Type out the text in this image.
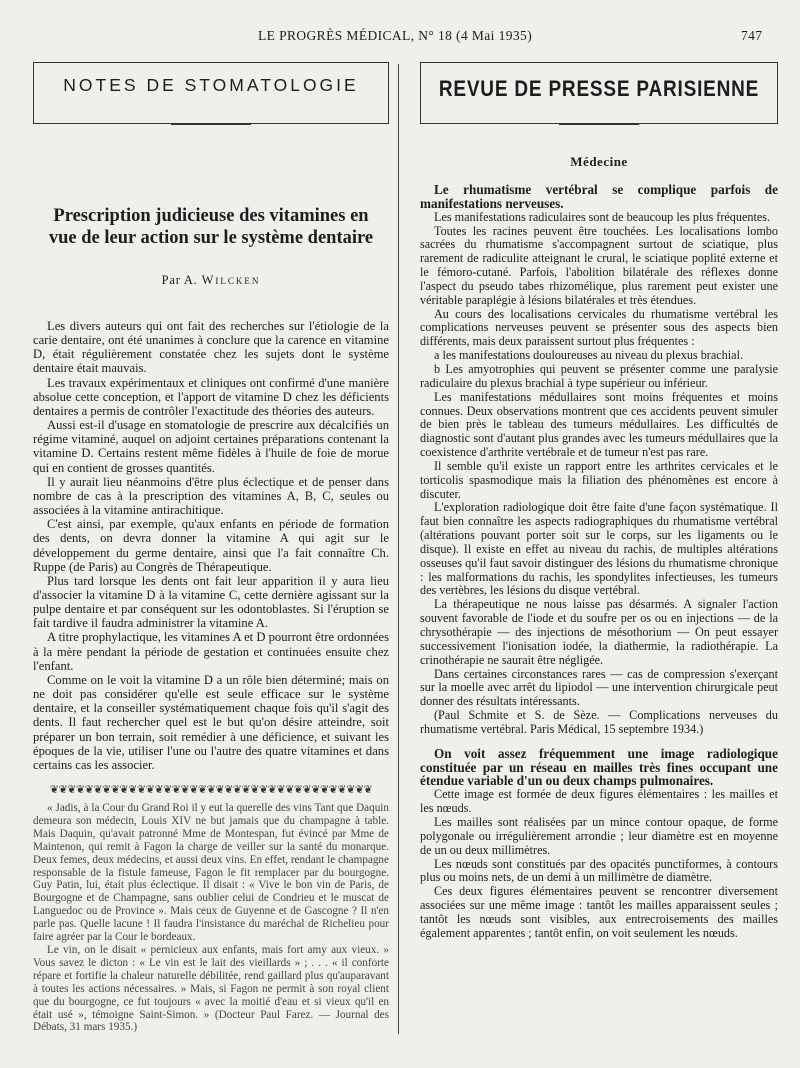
LE PROGRÈS MÉDICAL, N° 18 (4 Mai 1935)	747
NOTES DE STOMATOLOGIE
Prescription judicieuse des vitamines en vue de leur action sur le système dentaire
Par A. Wilcken

Les divers auteurs qui ont fait des recherches sur l'étiologie de la carie dentaire, ont été unanimes à conclure que la carence en vitamine D, était régulièrement constatée chez les sujets dont le système dentaire était mauvais.

Les travaux expérimentaux et cliniques ont confirmé d'une manière absolue cette conception, et l'apport de vitamine D chez les déficients dentaires a permis de contrôler l'exactitude des théories des auteurs.

Aussi est-il d'usage en stomatologie de prescrire aux décalcifiés un régime vitaminé, auquel on adjoint certaines préparations contenant la vitamine D. Certains restent même fidèles à l'huile de foie de morue qui en contient de grosses quantités.

Il y aurait lieu néanmoins d'être plus éclectique et de penser dans nombre de cas à la prescription des vitamines A, B, C, seules ou associées à la vitamine antirachitique.

C'est ainsi, par exemple, qu'aux enfants en période de formation des dents, on devra donner la vitamine A qui agit sur le développement du germe dentaire, ainsi que l'a fait connaître Ch. Ruppe (de Paris) au Congrès de Thérapeutique.

Plus tard lorsque les dents ont fait leur apparition il y aura lieu d'associer la vitamine D à la vitamine C, cette dernière agissant sur la pulpe dentaire et par conséquent sur les odontoblastes. Si l'éruption se fait tardive il faudra administrer la vitamine A.

A titre prophylactique, les vitamines A et D pourront être ordonnées à la mère pendant la période de gestation et continuées ensuite chez l'enfant.

Comme on le voit la vitamine D a un rôle bien déterminé; mais on ne doit pas considérer qu'elle est seule efficace sur le système dentaire, et la conseiller systématiquement chaque fois qu'il s'agit des dents. Il faut rechercher quel est le but qu'on désire atteindre, soit préparer un bon terrain, soit remédier à une déficience, et suivant les époques de la vie, utiliser l'une ou l'autre des quatre vitamines et dans certains cas les associer.

❦❦❦❦❦❦❦❦❦❦❦❦❦❦❦❦❦❦❦❦❦❦❦❦❦❦❦❦❦❦❦❦❦❦❦❦❦

« Jadis, à la Cour du Grand Roi il y eut la querelle des vins Tant que Daquin demeura son médecin, Louis XIV ne but jamais que du champagne à table. Mais Daquin, qu'avait patronné Mme de Montespan, fut évincé par Mme de Maintenon, qui remit à Fagon la charge de veiller sur la santé du monarque. Deux femes, deux médecins, et aussi deux vins. En effet, rendant le champagne responsable de la fistule fameuse, Fagon le fit remplacer par du bourgogne. Guy Patin, lui, était plus éclectique. Il disait : « Vive le bon vin de Paris, de Bourgogne et de Champagne, sans oublier celui de Condrieu et le muscat de Languedoc ou de Province ». Mais ceux de Guyenne et de Gascogne ? Il n'en parle pas. Quelle lacune ! Il faudra l'insistance du maréchal de Richelieu pour faire agréer par la Cour le bordeaux.

Le vin, on le disait « pernicieux aux enfants, mais fort amy aux vieux. » Vous savez le dicton : « Le vin est le lait des vieillards » ; . . . « il conforte répare et fortifie la chaleur naturelle débilitée, rend gaillard plus qu'auparavant à toutes les actions nécessaires. » Mais, si Fagon ne permit à son royal client que du bourgogne, ce fut toujours « avec la moitié d'eau et si vieux qu'il en était usé », témoigne Saint-Simon. » (Docteur Paul Farez. — Journal des Débats, 31 mars 1935.)

REVUE DE PRESSE PARISIENNE
Médecine

Le rhumatisme vertébral se complique parfois de manifestations nerveuses.

Les manifestations radiculaires sont de beaucoup les plus fréquentes.

Toutes les racines peuvent être touchées. Les localisations lombo sacrées du rhumatisme s'accompagnent surtout de sciatique, plus rarement de radiculite atteignant le crural, le sciatique poplité externe et le fémoro-cutané. Parfois, l'abolition bilatérale des réflexes donne l'aspect du pseudo tabes rhizomélique, plus rarement peut exister une véritable paraplégie à lésions bilatérales et très étendues.

Au cours des localisations cervicales du rhumatisme vertébral les complications nerveuses peuvent se présenter sous des aspects bien différents, mais deux paraissent surtout plus fréquentes :

a les manifestations douloureuses au niveau du plexus brachial.

b Les amyotrophies qui peuvent se présenter comme une paralysie radiculaire du plexus brachial à type supérieur ou inférieur.

Les manifestations médullaires sont moins fréquentes et moins connues. Deux observations montrent que ces accidents peuvent simuler de bien près le tableau des tumeurs médullaires. Les difficultés de diagnostic sont d'autant plus grandes avec les tumeurs médullaires que la coexistence d'arthrite vertébrale et de tumeur n'est pas rare.

Il semble qu'il existe un rapport entre les arthrites cervicales et le torticolis spasmodique mais la filiation des phénomènes est encore à discuter.

L'exploration radiologique doit être faite d'une façon systématique. Il faut bien connaître les aspects radiographiques du rhumatisme vertébral (altérations pouvant porter soit sur le corps, sur les ligaments ou le disque). Il existe en effet au niveau du rachis, de multiples altérations osseuses qu'il faut savoir distinguer des lésions du rhumatisme chronique : les malformations du rachis, les spondylites infectieuses, les tumeurs des vertèbres, les lésions du disque vertébral.

La thérapeutique ne nous laisse pas désarmés. A signaler l'action souvent favorable de l'iode et du soufre per os ou en injections — de la chrysothérapie — des injections de mésothorium — On peut essayer successivement l'ionisation iodée, la diathermie, la radiothérapie. La crinothérapie ne saurait être négligée.

Dans certaines circonstances rares — cas de compression s'exerçant sur la moelle avec arrêt du lipiodol — une intervention chirurgicale peut donner des résultats intéressants.

(Paul Schmite et S. de Sèze. — Complications nerveuses du rhumatisme vertébral. Paris Médical, 15 septembre 1934.)

On voit assez fréquemment une image radiologique constituée par un réseau en mailles très fines occupant une étendue variable d'un ou deux champs pulmonaires.

Cette image est formée de deux figures élémentaires : les mailles et les nœuds.

Les mailles sont réalisées par un mince contour opaque, de forme polygonale ou irrégulièrement arrondie ; leur diamètre est en moyenne de un ou deux millimètres.

Les nœuds sont constitués par des opacités punctiformes, à contours plus ou moins nets, de un demi à un millimètre de diamètre.

Ces deux figures élémentaires peuvent se rencontrer diversement associées sur une même image : tantôt les mailles apparaissent seules ; tantôt les nœuds sont visibles, aux entrecroisements des mailles également apparentes ; tantôt enfin, on voit seulement les nœuds.
